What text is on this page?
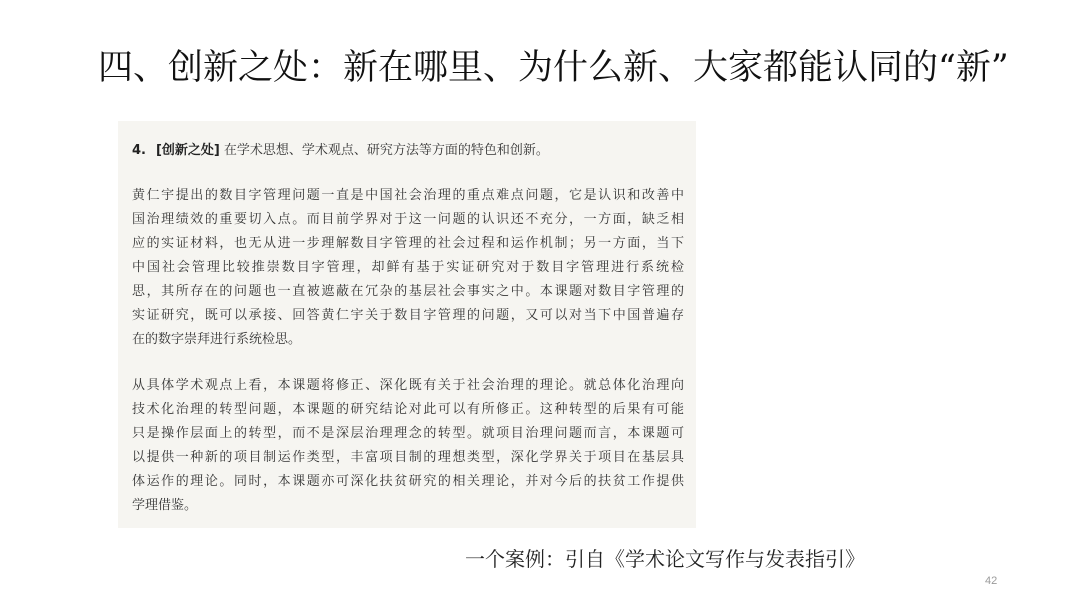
四、创新之处：新在哪里、为什么新、大家都能认同的“新”
4. [创新之处] 在学术思想、学术观点、研究方法等方面的特色和创新。
黄仁宇提出的数目字管理问题一直是中国社会治理的重点难点问题，它是认识和改善中
国治理绩效的重要切入点。而目前学界对于这一问题的认识还不充分，一方面，缺乏相
应的实证材料，也无从进一步理解数目字管理的社会过程和运作机制；另一方面，当下
中国社会管理比较推崇数目字管理，却鲜有基于实证研究对于数目字管理进行系统检
思，其所存在的问题也一直被遮蔽在冗杂的基层社会事实之中。本课题对数目字管理的
实证研究，既可以承接、回答黄仁宇关于数目字管理的问题，又可以对当下中国普遍存
在的数字崇拜进行系统检思。
从具体学术观点上看，本课题将修正、深化既有关于社会治理的理论。就总体化治理向
技术化治理的转型问题，本课题的研究结论对此可以有所修正。这种转型的后果有可能
只是操作层面上的转型，而不是深层治理理念的转型。就项目治理问题而言，本课题可
以提供一种新的项目制运作类型，丰富项目制的理想类型，深化学界关于项目在基层具
体运作的理论。同时，本课题亦可深化扶贫研究的相关理论，并对今后的扶贫工作提供
学理借鉴。
一个案例：引自《学术论文写作与发表指引》
42
